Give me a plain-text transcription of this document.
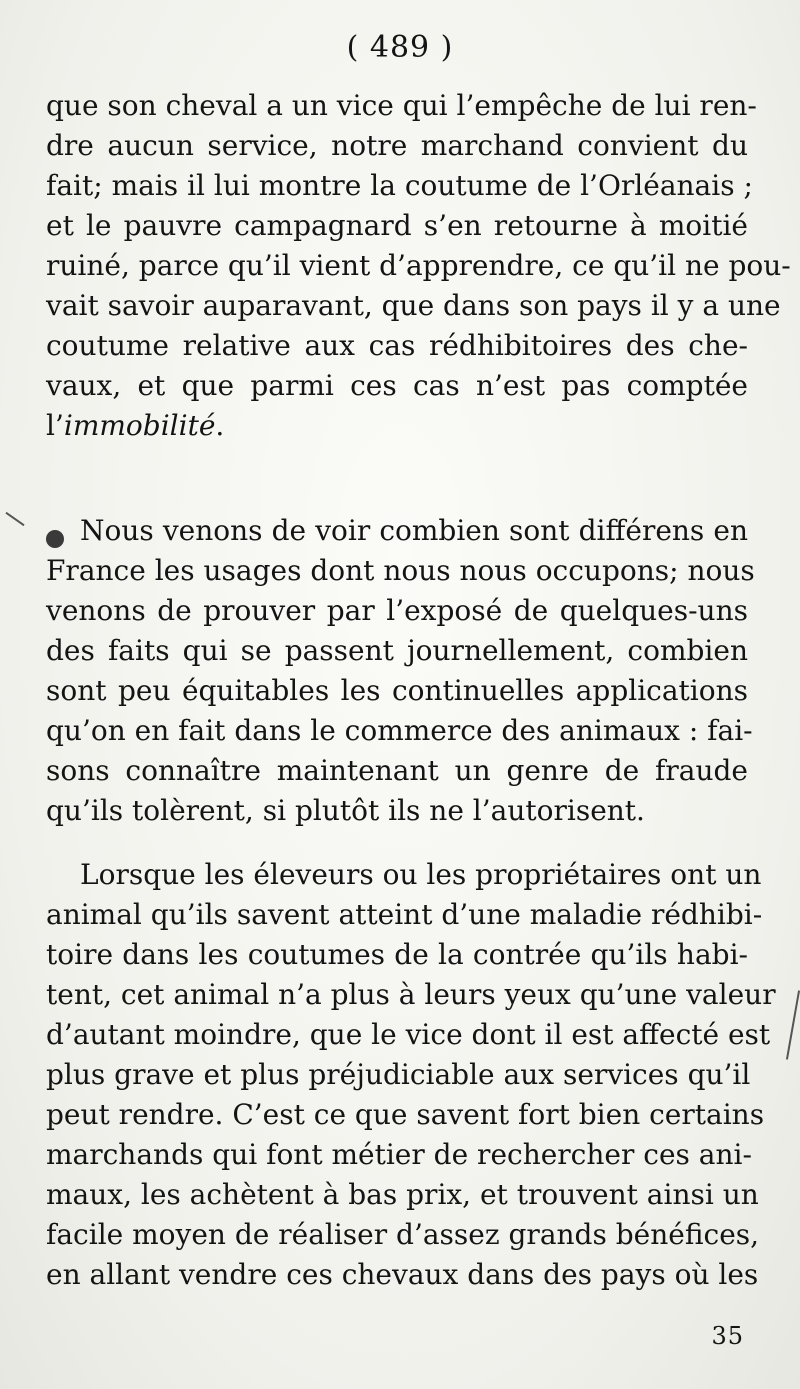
( 489 )
que son cheval a un vice qui l’empêche de lui ren-
dre aucun service, notre marchand convient du
fait; mais il lui montre la coutume de l’Orléanais ;
et le pauvre campagnard s’en retourne à moitié
ruiné, parce qu’il vient d’apprendre, ce qu’il ne pou-
vait savoir auparavant, que dans son pays il y a une
coutume relative aux cas rédhibitoires des che-
vaux, et que parmi ces cas n’est pas comptée
l’immobilité.
Nous venons de voir combien sont différens en
France les usages dont nous nous occupons; nous
venons de prouver par l’exposé de quelques-uns
des faits qui se passent journellement, combien
sont peu équitables les continuelles applications
qu’on en fait dans le commerce des animaux : fai-
sons connaître maintenant un genre de fraude
qu’ils tolèrent, si plutôt ils ne l’autorisent.
Lorsque les éleveurs ou les propriétaires ont un
animal qu’ils savent atteint d’une maladie rédhibi-
toire dans les coutumes de la contrée qu’ils habi-
tent, cet animal n’a plus à leurs yeux qu’une valeur
d’autant moindre, que le vice dont il est affecté est
plus grave et plus préjudiciable aux services qu’il
peut rendre. C’est ce que savent fort bien certains
marchands qui font métier de rechercher ces ani-
maux, les achètent à bas prix, et trouvent ainsi un
facile moyen de réaliser d’assez grands bénéfices,
en allant vendre ces chevaux dans des pays où les
35
